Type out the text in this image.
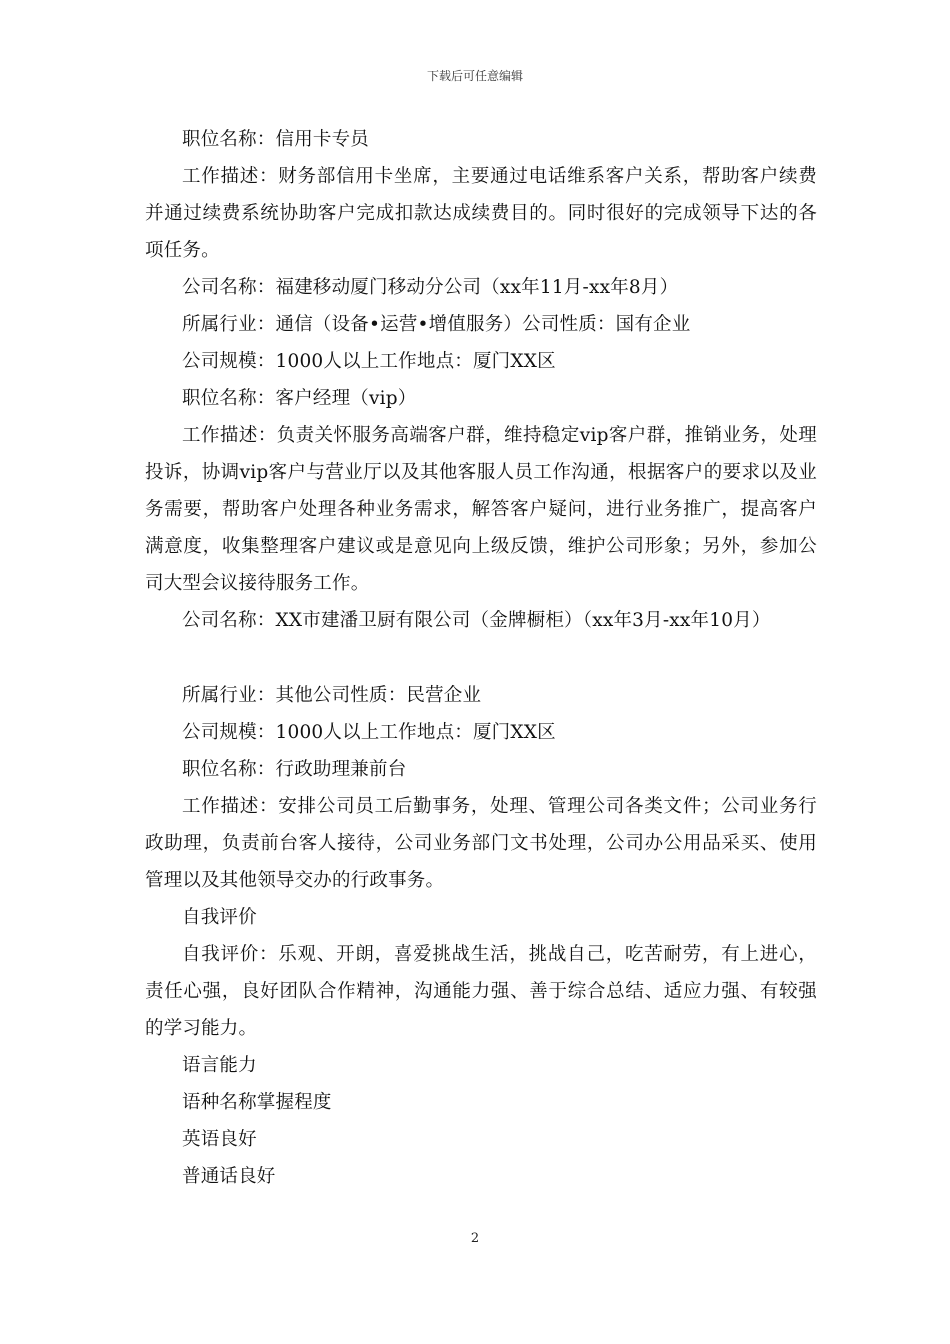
下载后可任意编辑
职位名称：信用卡专员
工作描述：财务部信用卡坐席，主要通过电话维系客户关系，帮助客户续费并通过续费系统协助客户完成扣款达成续费目的。同时很好的完成领导下达的各项任务。
公司名称：福建移动厦门移动分公司（xx年11月-xx年8月）
所属行业：通信（设备•运营•增值服务）公司性质：国有企业
公司规模：1000人以上工作地点：厦门XX区
职位名称：客户经理（vip）
工作描述：负责关怀服务高端客户群，维持稳定vip客户群，推销业务，处理投诉，协调vip客户与营业厅以及其他客服人员工作沟通，根据客户的要求以及业务需要，帮助客户处理各种业务需求，解答客户疑问，进行业务推广，提高客户满意度，收集整理客户建议或是意见向上级反馈，维护公司形象；另外，参加公司大型会议接待服务工作。
公司名称：XX市建潘卫厨有限公司（金牌橱柜）（xx年3月-xx年10月）
所属行业：其他公司性质：民营企业
公司规模：1000人以上工作地点：厦门XX区
职位名称：行政助理兼前台
工作描述：安排公司员工后勤事务，处理、管理公司各类文件；公司业务行政助理，负责前台客人接待，公司业务部门文书处理，公司办公用品采买、使用管理以及其他领导交办的行政事务。
自我评价
自我评价：乐观、开朗，喜爱挑战生活，挑战自己，吃苦耐劳，有上进心，责任心强，良好团队合作精神，沟通能力强、善于综合总结、适应力强、有较强的学习能力。
语言能力
语种名称掌握程度
英语良好
普通话良好
2
